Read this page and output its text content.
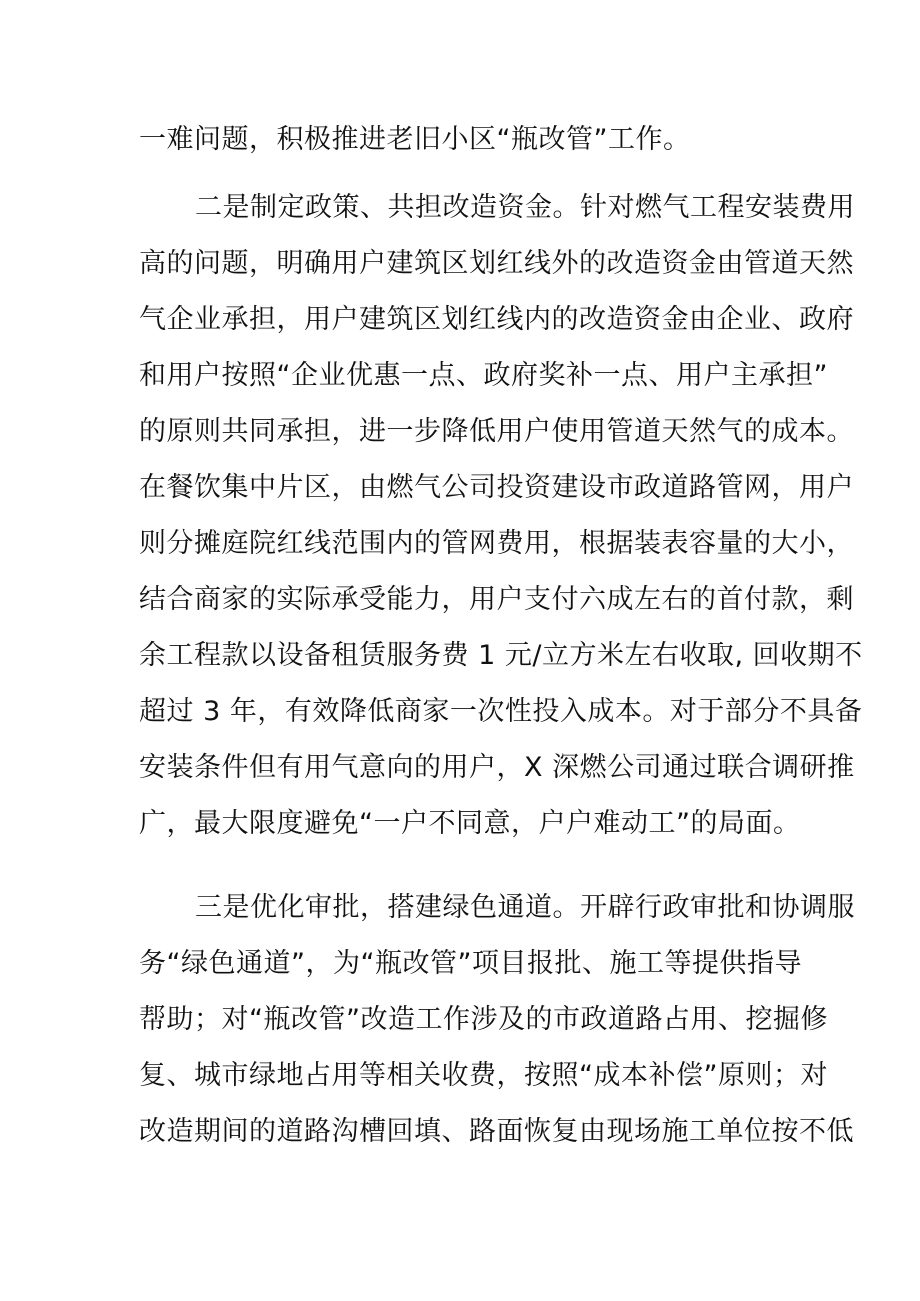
一难问题，积极推进老旧小区“瓶改管”工作。
二是制定政策、共担改造资金。针对燃气工程安装费用
高的问题，明确用户建筑区划红线外的改造资金由管道天然
气企业承担，用户建筑区划红线内的改造资金由企业、政府
和用户按照“企业优惠一点、政府奖补一点、用户主承担”
的原则共同承担，进一步降低用户使用管道天然气的成本。
在餐饮集中片区，由燃气公司投资建设市政道路管网，用户
则分摊庭院红线范围内的管网费用，根据装表容量的大小，
结合商家的实际承受能力，用户支付六成左右的首付款，剩
余工程款以设备租赁服务费 1 元/立方米左右收取, 回收期不
超过 3 年，有效降低商家一次性投入成本。对于部分不具备
安装条件但有用气意向的用户，X 深燃公司通过联合调研推
广，最大限度避免“一户不同意，户户难动工”的局面。
三是优化审批，搭建绿色通道。开辟行政审批和协调服
务“绿色通道”，为“瓶改管”项目报批、施工等提供指导
帮助；对“瓶改管”改造工作涉及的市政道路占用、挖掘修
复、城市绿地占用等相关收费，按照“成本补偿”原则；对
改造期间的道路沟槽回填、路面恢复由现场施工单位按不低
